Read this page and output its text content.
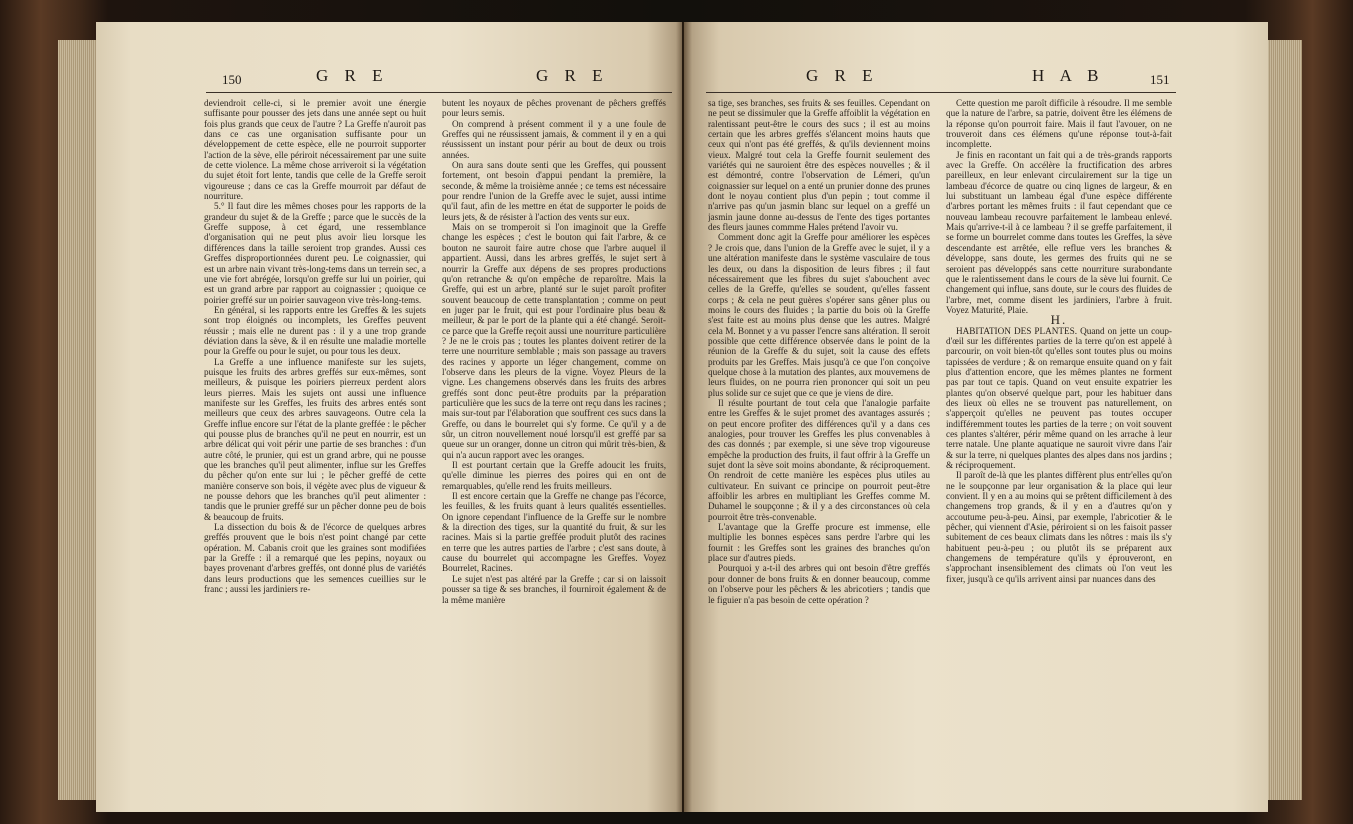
150	G R E	G R E

deviendroit celle-ci, si le premier avoit une énergie suffisante pour pousser des jets dans une année sept ou huit fois plus grands que ceux de l'autre ? La Greffe n'auroit pas dans ce cas une organisation suffisante pour un développement de cette espèce, elle ne pourroit supporter l'action de la sève, elle périroit nécessairement par une suite de cette violence. La même chose arriveroit si la végétation du sujet étoit fort lente, tandis que celle de la Greffe seroit vigoureuse ; dans ce cas la Greffe mourroit par défaut de nourriture.

5.° Il faut dire les mêmes choses pour les rapports de la grandeur du sujet & de la Greffe ; parce que le succès de la Greffe suppose, à cet égard, une ressemblance d'organisation qui ne peut plus avoir lieu lorsque les différences dans la taille seroient trop grandes. Aussi ces Greffes disproportionnées durent peu. Le coignassier, qui est un arbre nain vivant très-long-tems dans un terrein sec, a une vie fort abrégée, lorsqu'on greffe sur lui un poirier, qui est un grand arbre par rapport au coignassier ; quoique ce poirier greffé sur un poirier sauvageon vive très-long-tems.

En général, si les rapports entre les Greffes & les sujets sont trop éloignés ou incomplets, les Greffes peuvent réussir ; mais elle ne durent pas : il y a une trop grande déviation dans la sève, & il en résulte une maladie mortelle pour la Greffe ou pour le sujet, ou pour tous les deux.

La Greffe a une influence manifeste sur les sujets, puisque les fruits des arbres greffés sur eux-mêmes, sont meilleurs, & puisque les poiriers pierreux perdent alors leurs pierres. Mais les sujets ont aussi une influence manifeste sur les Greffes, les fruits des arbres entés sont meilleurs que ceux des arbres sauvageons. Outre cela la Greffe influe encore sur l'état de la plante greffée : le pêcher qui pousse plus de branches qu'il ne peut en nourrir, est un arbre délicat qui voit périr une partie de ses branches : d'un autre côté, le prunier, qui est un grand arbre, qui ne pousse que les branches qu'il peut alimenter, influe sur les Greffes du pêcher qu'on ente sur lui ; le pêcher greffé de cette manière conserve son bois, il végète avec plus de vigueur & ne pousse dehors que les branches qu'il peut alimenter : tandis que le prunier greffé sur un pêcher donne peu de bois & beaucoup de fruits.

La dissection du bois & de l'écorce de quelques arbres greffés prouvent que le bois n'est point changé par cette opération. M. Cabanis croit que les graines sont modifiées par la Greffe : il a remarqué que les pepins, noyaux ou bayes provenant d'arbres greffés, ont donné plus de variétés dans leurs productions que les semences cueillies sur le franc ; aussi les jardiniers re-

butent les noyaux de pêches provenant de pêchers greffés pour leurs semis.

On comprend à présent comment il y a une foule de Greffes qui ne réussissent jamais, & comment il y en a qui réussissent un instant pour périr au bout de deux ou trois années.

On aura sans doute senti que les Greffes, qui poussent fortement, ont besoin d'appui pendant la première, la seconde, & même la troisième année ; ce tems est nécessaire pour rendre l'union de la Greffe avec le sujet, aussi intime qu'il faut, afin de les mettre en état de supporter le poids de leurs jets, & de résister à l'action des vents sur eux.

Mais on se tromperoit si l'on imaginoit que la Greffe change les espèces ; c'est le bouton qui fait l'arbre, & ce bouton ne sauroit faire autre chose que l'arbre auquel il appartient. Aussi, dans les arbres greffés, le sujet sert à nourrir la Greffe aux dépens de ses propres productions qu'on retranche & qu'on empêche de reparoître. Mais la Greffe, qui est un arbre, planté sur le sujet paroît profiter souvent beaucoup de cette transplantation ; comme on peut en juger par le fruit, qui est pour l'ordinaire plus beau & meilleur, & par le port de la plante qui a été changé. Seroit-ce parce que la Greffe reçoit aussi une nourriture particulière ? Je ne le crois pas ; toutes les plantes doivent retirer de la terre une nourriture semblable ; mais son passage au travers des racines y apporte un léger changement, comme on l'observe dans les pleurs de la vigne. Voyez Pleurs de la vigne. Les changemens observés dans les fruits des arbres greffés sont donc peut-être produits par la préparation particulière que les sucs de la terre ont reçu dans les racines ; mais sur-tout par l'élaboration que souffrent ces sucs dans la Greffe, ou dans le bourrelet qui s'y forme. Ce qu'il y a de sûr, un citron nouvellement noué lorsqu'il est greffé par sa queue sur un oranger, donne un citron qui mûrit très-bien, & qui n'a aucun rapport avec les oranges.

Il est pourtant certain que la Greffe adoucit les fruits, qu'elle diminue les pierres des poires qui en ont de remarquables, qu'elle rend les fruits meilleurs.

Il est encore certain que la Greffe ne change pas l'écorce, les feuilles, & les fruits quant à leurs qualités essentielles. On ignore cependant l'influence de la Greffe sur le nombre & la direction des tiges, sur la quantité du fruit, & sur les racines. Mais si la partie greffée produit plutôt des racines en terre que les autres parties de l'arbre ; c'est sans doute, à cause du bourrelet qui accompagne les Greffes. Voyez Bourrelet, Racines.

Le sujet n'est pas altéré par la Greffe ; car si on laissoit pousser sa tige & ses branches, il fourniroit également & de la même manière

G R E	H A B	151

sa tige, ses branches, ses fruits & ses feuilles. Cependant on ne peut se dissimuler que la Greffe affoiblit la végétation en ralentissant peut-être le cours des sucs ; il est au moins certain que les arbres greffés s'élancent moins hauts que ceux qui n'ont pas été greffés, & qu'ils deviennent moins vieux. Malgré tout cela la Greffe fournit seulement des variétés qui ne sauroient être des espèces nouvelles ; & il est démontré, contre l'observation de Lémeri, qu'un coignassier sur lequel on a enté un prunier donne des prunes dont le noyau contient plus d'un pepin ; tout comme il n'arrive pas qu'un jasmin blanc sur lequel on a greffé un jasmin jaune donne au-dessus de l'ente des tiges portantes des fleurs jaunes commme Hales prétend l'avoir vu.

Comment donc agit la Greffe pour améliorer les espèces ? Je crois que, dans l'union de la Greffe avec le sujet, il y a une altération manifeste dans le système vasculaire de tous les deux, ou dans la disposition de leurs fibres ; il faut nécessairement que les fibres du sujet s'abouchent avec celles de la Greffe, qu'elles se soudent, qu'elles fassent corps ; & cela ne peut guères s'opérer sans gêner plus ou moins le cours des fluides ; la partie du bois où la Greffe s'est faite est au moins plus dense que les autres. Malgré cela M. Bonnet y a vu passer l'encre sans altération. Il seroit possible que cette différence observée dans le point de la réunion de la Greffe & du sujet, soit la cause des effets produits par les Greffes. Mais jusqu'à ce que l'on conçoive quelque chose à la mutation des plantes, aux mouvemens de leurs fluides, on ne pourra rien prononcer qui soit un peu plus solide sur ce sujet que ce que je viens de dire.

Il résulte pourtant de tout cela que l'analogie parfaite entre les Greffes & le sujet promet des avantages assurés ; on peut encore profiter des différences qu'il y a dans ces analogies, pour trouver les Greffes les plus convenables à des cas donnés ; par exemple, si une sève trop vigoureuse empêche la production des fruits, il faut offrir à la Greffe un sujet dont la sève soit moins abondante, & réciproquement. On rendroit de cette manière les espèces plus utiles au cultivateur. En suivant ce principe on pourroit peut-être affoiblir les arbres en multipliant les Greffes comme M. Duhamel le soupçonne ; & il y a des circonstances où cela pourroit être très-convenable.

L'avantage que la Greffe procure est immense, elle multiplie les bonnes espèces sans perdre l'arbre qui les fournit : les Greffes sont les graines des branches qu'on place sur d'autres pieds.

Pourquoi y a-t-il des arbres qui ont besoin d'être greffés pour donner de bons fruits & en donner beaucoup, comme on l'observe pour les pêchers & les abricotiers ; tandis que le figuier n'a pas besoin de cette opération ?

Cette question me paroît difficile à résoudre. Il me semble que la nature de l'arbre, sa patrie, doivent être les élémens de la réponse qu'on pourroit faire. Mais il faut l'avouer, on ne trouveroit dans ces élémens qu'une réponse tout-à-fait incomplette.

Je finis en racontant un fait qui a de très-grands rapports avec la Greffe. On accélère la fructification des arbres pareilleux, en leur enlevant circulairement sur la tige un lambeau d'écorce de quatre ou cinq lignes de largeur, & en lui substituant un lambeau égal d'une espèce différente d'arbres portant les mêmes fruits : il faut cependant que ce nouveau lambeau recouvre parfaitement le lambeau enlevé. Mais qu'arrive-t-il à ce lambeau ? il se greffe parfaitement, il se forme un bourrelet comme dans toutes les Greffes, la sève descendante est arrêtée, elle reflue vers les branches & développe, sans doute, les germes des fruits qui ne se seroient pas développés sans cette nourriture surabondante que le ralentissement dans le cours de la sève lui fournit. Ce changement qui influe, sans doute, sur le cours des fluides de l'arbre, met, comme disent les jardiniers, l'arbre à fruit. Voyez Maturité, Plaie.

H.

HABITATION DES PLANTES. Quand on jette un coup-d'œil sur les différentes parties de la terre qu'on est appelé à parcourir, on voit bien-tôt qu'elles sont toutes plus ou moins tapissées de verdure ; & on remarque ensuite quand on y fait plus d'attention encore, que les mêmes plantes ne forment pas par tout ce tapis. Quand on veut ensuite expatrier les plantes qu'on observé quelque part, pour les habituer dans des lieux où elles ne se trouvent pas naturellement, on s'apperçoit qu'elles ne peuvent pas toutes occuper indifféremment toutes les parties de la terre ; on voit souvent ces plantes s'altérer, périr même quand on les arrache à leur terre natale. Une plante aquatique ne sauroit vivre dans l'air & sur la terre, ni quelques plantes des alpes dans nos jardins ; & réciproquement.

Il paroît de-là que les plantes diffèrent plus entr'elles qu'on ne le soupçonne par leur organisation & la place qui leur convient. Il y en a au moins qui se prêtent difficilement à des changemens trop grands, & il y en a d'autres qu'on y accoutume peu-à-peu. Ainsi, par exemple, l'abricotier & le pêcher, qui viennent d'Asie, périroient si on les faisoit passer subitement de ces beaux climats dans les nôtres : mais ils s'y habituent peu-à-peu ; ou plutôt ils se préparent aux changemens de température qu'ils y éprouveront, en s'approchant insensiblement des climats où l'on veut les fixer, jusqu'à ce qu'ils arrivent ainsi par nuances dans des
